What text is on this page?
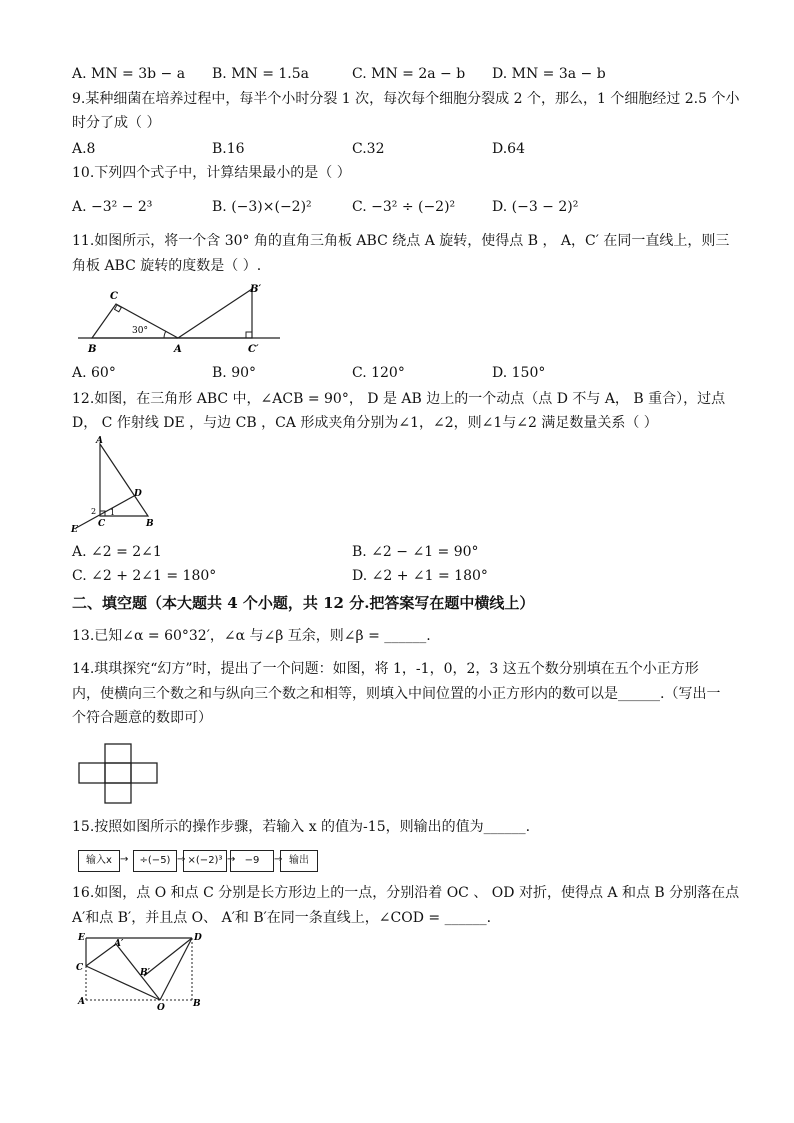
A. MN = 3b − a B. MN = 1.5a	C. MN = 2a − b D. MN = 3a − b
9.某种细菌在培养过程中，每半个小时分裂 1 次，每次每个细胞分裂成 2 个，那么，1 个细胞经过 2.5 个小
时分了成（ ）
A.8	B.16	C.32	D.64
10.下列四个式子中，计算结果最小的是（ ）
A. −3² − 2³	B. (−3)×(−2)²	C. −3² ÷ (−2)²	D. (−3 − 2)²
11.如图所示，将一个含 30° 角的直角三角板 ABC 绕点 A 旋转，使得点 B ， A，C′ 在同一直线上，则三
角板 ABC 旋转的度数是（ ）.
C
B	A
B′
C′
30°
A. 60°	B. 90°	C. 120°	D. 150°
12.如图，在三角形 ABC 中，∠ACB = 90°， D 是 AB 边上的一个动点（点 D 不与 A， B 重合），过点
D， C 作射线 DE ，与边 CB ，CA 形成夹角分别为∠1，∠2，则∠1与∠2 满足数量关系（ ）
A
D
E
C	B
1
2
A. ∠2 = 2∠1	B. ∠2 − ∠1 = 90°
C. ∠2 + 2∠1 = 180°	D. ∠2 + ∠1 = 180°
二、填空题（本大题共 4 个小题，共 12 分.把答案写在题中横线上）
13.已知∠α = 60°32′，∠α 与∠β 互余，则∠β = ______.
14.琪琪探究“幻方”时，提出了一个问题：如图，将 1，-1，0，2，3 这五个数分别填在五个小正方形
内，使横向三个数之和与纵向三个数之和相等，则填入中间位置的小正方形内的数可以是______.（写出一
个符合题意的数即可）
15.按照如图所示的操作步骤，若输入 x 的值为-15，则输出的值为______.
输入x →	÷(−5) → ×(−2)³ → −9	→ 输出
16.如图，点 O 和点 C 分别是长方形边上的一点，分别沿着 OC 、 OD 对折，使得点 A 和点 B 分别落在点
A′和点 B′，并且点 O、 A′和 B′在同一条直线上，∠COD = ______.
E	D
C
A′
B′
A
O	B
